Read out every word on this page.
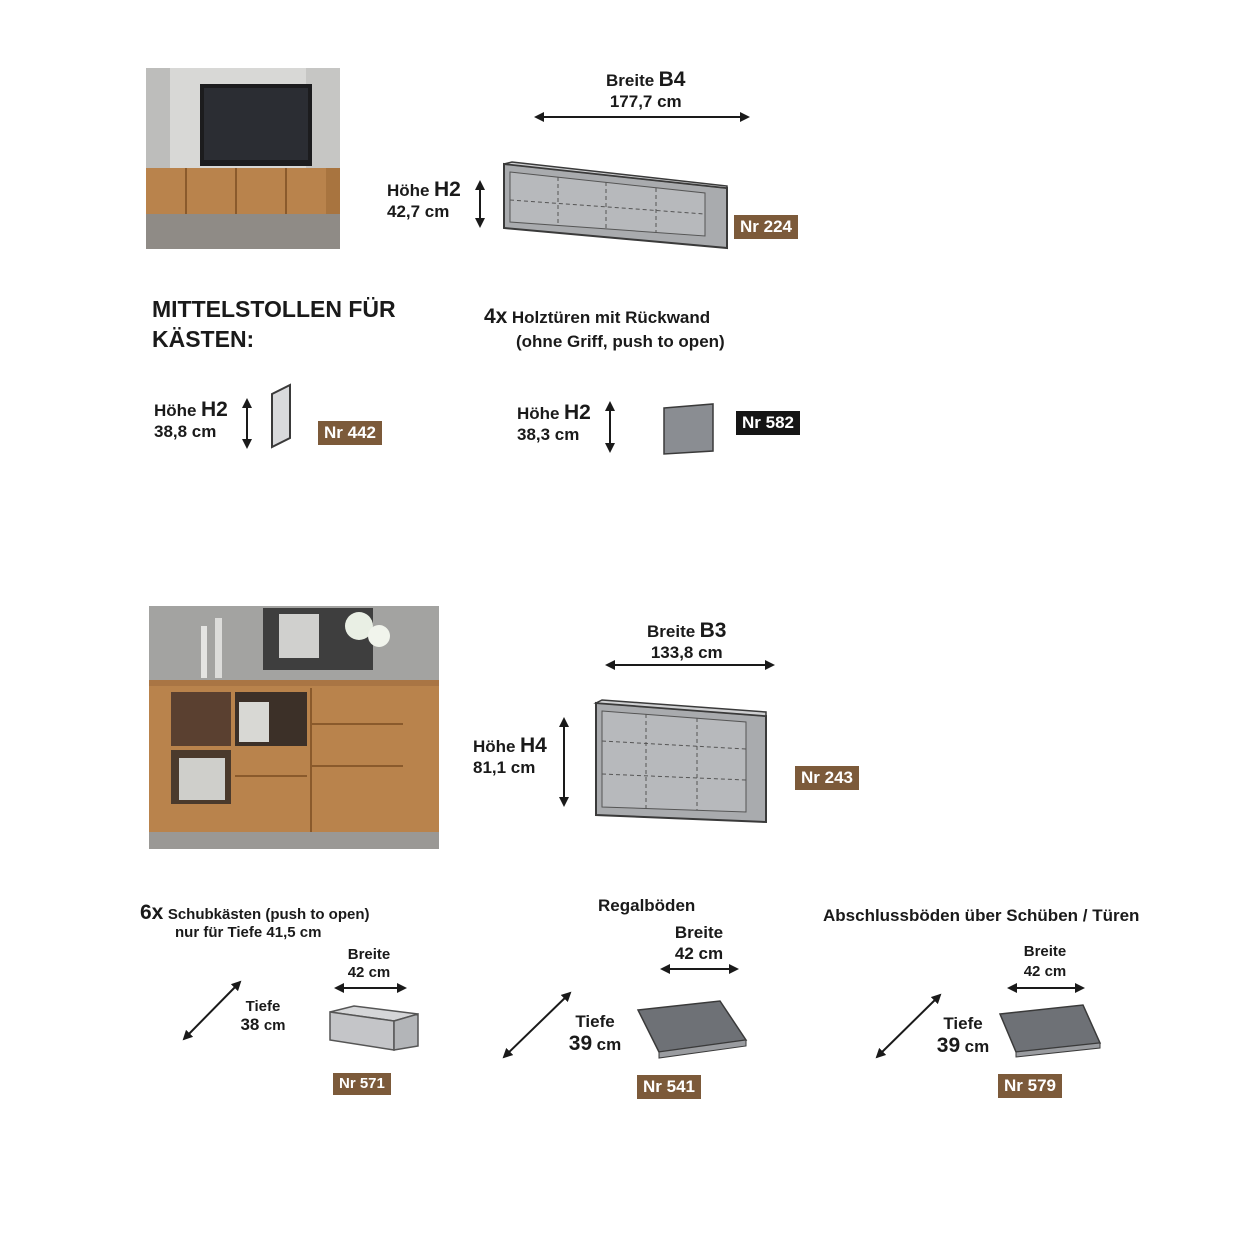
Breite B4
177,7 cm
Höhe H2
42,7 cm
Nr 224
MITTELSTOLLEN FÜR
KÄSTEN:
Höhe H2
38,8 cm	Nr 442
4x Holztüren mit Rückwand
(ohne Griff, push to open)
Höhe H2
38,3 cm
Nr 582
Breite B3
133,8 cm
Höhe H4
81,1 cm
Nr 243
6x Schubkästen (push to open)
nur für Tiefe 41,5 cm
Breite
42 cm
Tiefe
38 cm
Nr 571
Regalböden
Breite
42 cm
Tiefe
39 cm
Nr 541
Abschlussböden über Schüben / Türen
Breite
42 cm
Tiefe
39 cm
Nr 579
